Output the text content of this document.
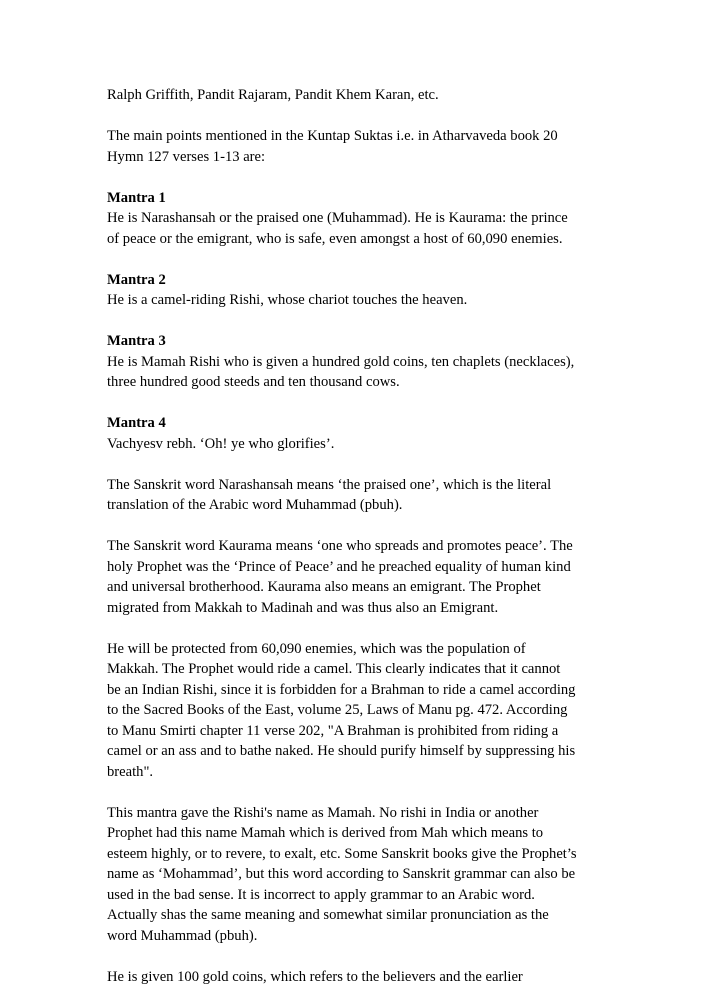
Ralph Griffith, Pandit Rajaram, Pandit Khem Karan, etc.

The main points mentioned in the Kuntap Suktas i.e. in Atharvaveda book 20 Hymn 127 verses 1-13 are:

Mantra 1
He is Narashansah or the praised one (Muhammad). He is Kaurama: the prince of peace or the emigrant, who is safe, even amongst a host of 60,090 enemies.

Mantra 2
He is a camel-riding Rishi, whose chariot touches the heaven.

Mantra 3
He is Mamah Rishi who is given a hundred gold coins, ten chaplets (necklaces), three hundred good steeds and ten thousand cows.

Mantra 4
Vachyesv rebh. ‘Oh! ye who glorifies’.

The Sanskrit word Narashansah means ‘the praised one’, which is the literal translation of the Arabic word Muhammad (pbuh).

The Sanskrit word Kaurama means ‘one who spreads and promotes peace’. The holy Prophet was the ‘Prince of Peace’ and he preached equality of human kind and universal brotherhood. Kaurama also means an emigrant. The Prophet migrated from Makkah to Madinah and was thus also an Emigrant.

He will be protected from 60,090 enemies, which was the population of Makkah. The Prophet would ride a camel. This clearly indicates that it cannot be an Indian Rishi, since it is forbidden for a Brahman to ride a camel according to the Sacred Books of the East, volume 25, Laws of Manu pg. 472. According to Manu Smirti chapter 11 verse 202, "A Brahman is prohibited from riding a camel or an ass and to bathe naked. He should purify himself by suppressing his breath".

This mantra gave the Rishi's name as Mamah. No rishi in India or another Prophet had this name Mamah which is derived from Mah which means to esteem highly, or to revere, to exalt, etc. Some Sanskrit books give the Prophet’s name as ‘Mohammad’, but this word according to Sanskrit grammar can also be used in the bad sense. It is incorrect to apply grammar to an Arabic word. Actually shas the same meaning and somewhat similar pronunciation as the word Muhammad (pbuh).

He is given 100 gold coins, which refers to the believers and the earlier
